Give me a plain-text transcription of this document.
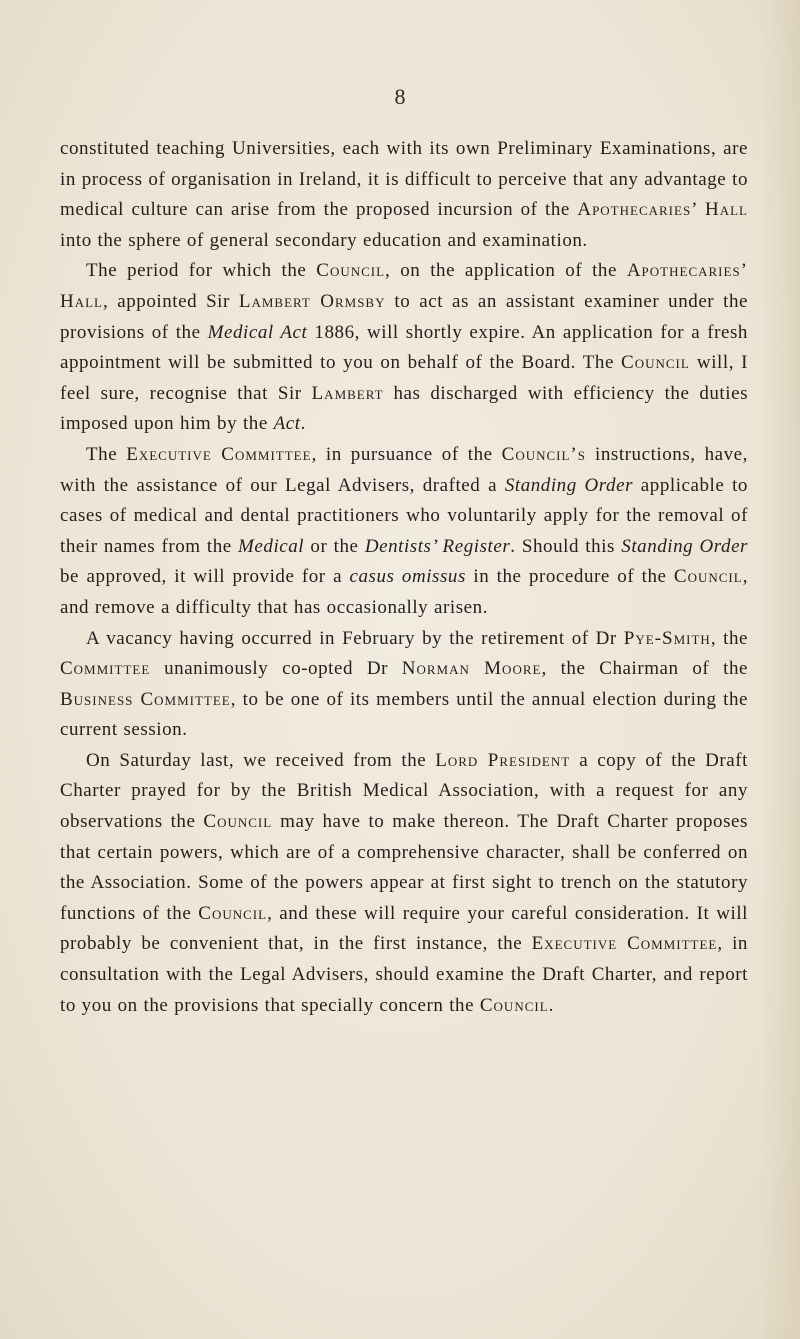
8

constituted teaching Universities, each with its own Preliminary Examinations, are in process of organisation in Ireland, it is difficult to perceive that any advantage to medical culture can arise from the proposed incursion of the Apothecaries’ Hall into the sphere of general secondary education and examination.

The period for which the Council, on the application of the Apothecaries’ Hall, appointed Sir Lambert Ormsby to act as an assistant examiner under the provisions of the Medical Act 1886, will shortly expire. An application for a fresh appointment will be submitted to you on behalf of the Board. The Council will, I feel sure, recognise that Sir Lambert has discharged with efficiency the duties imposed upon him by the Act.

The Executive Committee, in pursuance of the Council’s instructions, have, with the assistance of our Legal Advisers, drafted a Standing Order applicable to cases of medical and dental practitioners who voluntarily apply for the removal of their names from the Medical or the Dentists’ Register. Should this Standing Order be approved, it will provide for a casus omissus in the procedure of the Council, and remove a difficulty that has occasionally arisen.

A vacancy having occurred in February by the retirement of Dr Pye-Smith, the Committee unanimously co-opted Dr Norman Moore, the Chairman of the Business Committee, to be one of its members until the annual election during the current session.

On Saturday last, we received from the Lord President a copy of the Draft Charter prayed for by the British Medical Association, with a request for any observations the Council may have to make thereon. The Draft Charter proposes that certain powers, which are of a comprehensive character, shall be conferred on the Association. Some of the powers appear at first sight to trench on the statutory functions of the Council, and these will require your careful consideration. It will probably be convenient that, in the first instance, the Executive Committee, in consultation with the Legal Advisers, should examine the Draft Charter, and report to you on the provisions that specially concern the Council.
